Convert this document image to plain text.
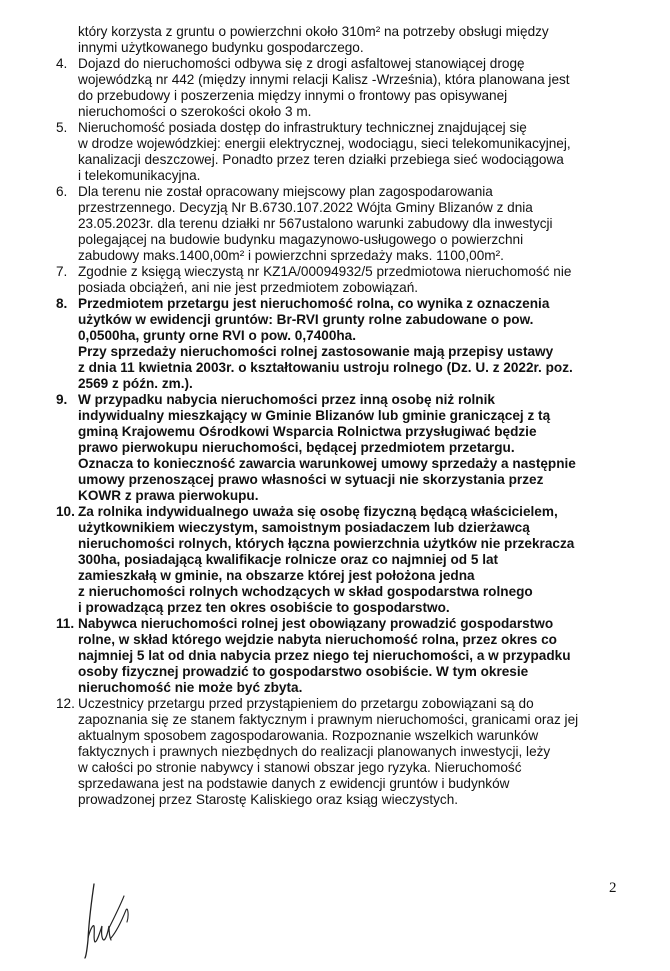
który korzysta z gruntu o powierzchni około 310m² na potrzeby obsługi między
innymi użytkowanego budynku gospodarczego.
4. Dojazd do nieruchomości odbywa się z drogi asfaltowej stanowiącej drogę
wojewódzką nr 442 (między innymi relacji Kalisz -Września), która planowana jest
do przebudowy i poszerzenia między innymi o frontowy pas opisywanej
nieruchomości o szerokości około 3 m.
5. Nieruchomość posiada dostęp do infrastruktury technicznej znajdującej się
w drodze wojewódzkiej: energii elektrycznej, wodociągu, sieci telekomunikacyjnej,
kanalizacji deszczowej. Ponadto przez teren działki przebiega sieć wodociągowa
i telekomunikacyjna.
6. Dla terenu nie został opracowany miejscowy plan zagospodarowania
przestrzennego. Decyzją Nr B.6730.107.2022 Wójta Gminy Blizanów z dnia
23.05.2023r. dla terenu działki nr 567ustalono warunki zabudowy dla inwestycji
polegającej na budowie budynku magazynowo-usługowego o powierzchni
zabudowy maks.1400,00m² i powierzchni sprzedaży maks. 1100,00m².
7. Zgodnie z księgą wieczystą nr KZ1A/00094932/5 przedmiotowa nieruchomość nie
posiada obciążeń, ani nie jest przedmiotem zobowiązań.
8. Przedmiotem przetargu jest nieruchomość rolna, co wynika z oznaczenia
użytków w ewidencji gruntów: Br-RVI grunty rolne zabudowane o pow.
0,0500ha, grunty orne RVI o pow. 0,7400ha.
Przy sprzedaży nieruchomości rolnej zastosowanie mają przepisy ustawy
z dnia 11 kwietnia 2003r. o kształtowaniu ustroju rolnego (Dz. U. z 2022r. poz.
2569 z późn. zm.).
9. W przypadku nabycia nieruchomości przez inną osobę niż rolnik
indywidualny mieszkający w Gminie Blizanów lub gminie graniczącej z tą
gminą Krajowemu Ośrodkowi Wsparcia Rolnictwa przysługiwać będzie
prawo pierwokupu nieruchomości, będącej przedmiotem przetargu.
Oznacza to konieczność zawarcia warunkowej umowy sprzedaży a następnie
umowy przenoszącej prawo własności w sytuacji nie skorzystania przez
KOWR z prawa pierwokupu.
10. Za rolnika indywidualnego uważa się osobę fizyczną będącą właścicielem,
użytkownikiem wieczystym, samoistnym posiadaczem lub dzierżawcą
nieruchomości rolnych, których łączna powierzchnia użytków nie przekracza
300ha, posiadającą kwalifikacje rolnicze oraz co najmniej od 5 lat
zamieszkałą w gminie, na obszarze której jest położona jedna
z nieruchomości rolnych wchodzących w skład gospodarstwa rolnego
i prowadzącą przez ten okres osobiście to gospodarstwo.
11. Nabywca nieruchomości rolnej jest obowiązany prowadzić gospodarstwo
rolne, w skład którego wejdzie nabyta nieruchomość rolna, przez okres co
najmniej 5 lat od dnia nabycia przez niego tej nieruchomości, a w przypadku
osoby fizycznej prowadzić to gospodarstwo osobiście. W tym okresie
nieruchomość nie może być zbyta.
12. Uczestnicy przetargu przed przystąpieniem do przetargu zobowiązani są do
zapoznania się ze stanem faktycznym i prawnym nieruchomości, granicami oraz jej
aktualnym sposobem zagospodarowania. Rozpoznanie wszelkich warunków
faktycznych i prawnych niezbędnych do realizacji planowanych inwestycji, leży
w całości po stronie nabywcy i stanowi obszar jego ryzyka. Nieruchomość
sprzedawana jest na podstawie danych z ewidencji gruntów i budynków
prowadzonej przez Starostę Kaliskiego oraz ksiąg wieczystych.
2
